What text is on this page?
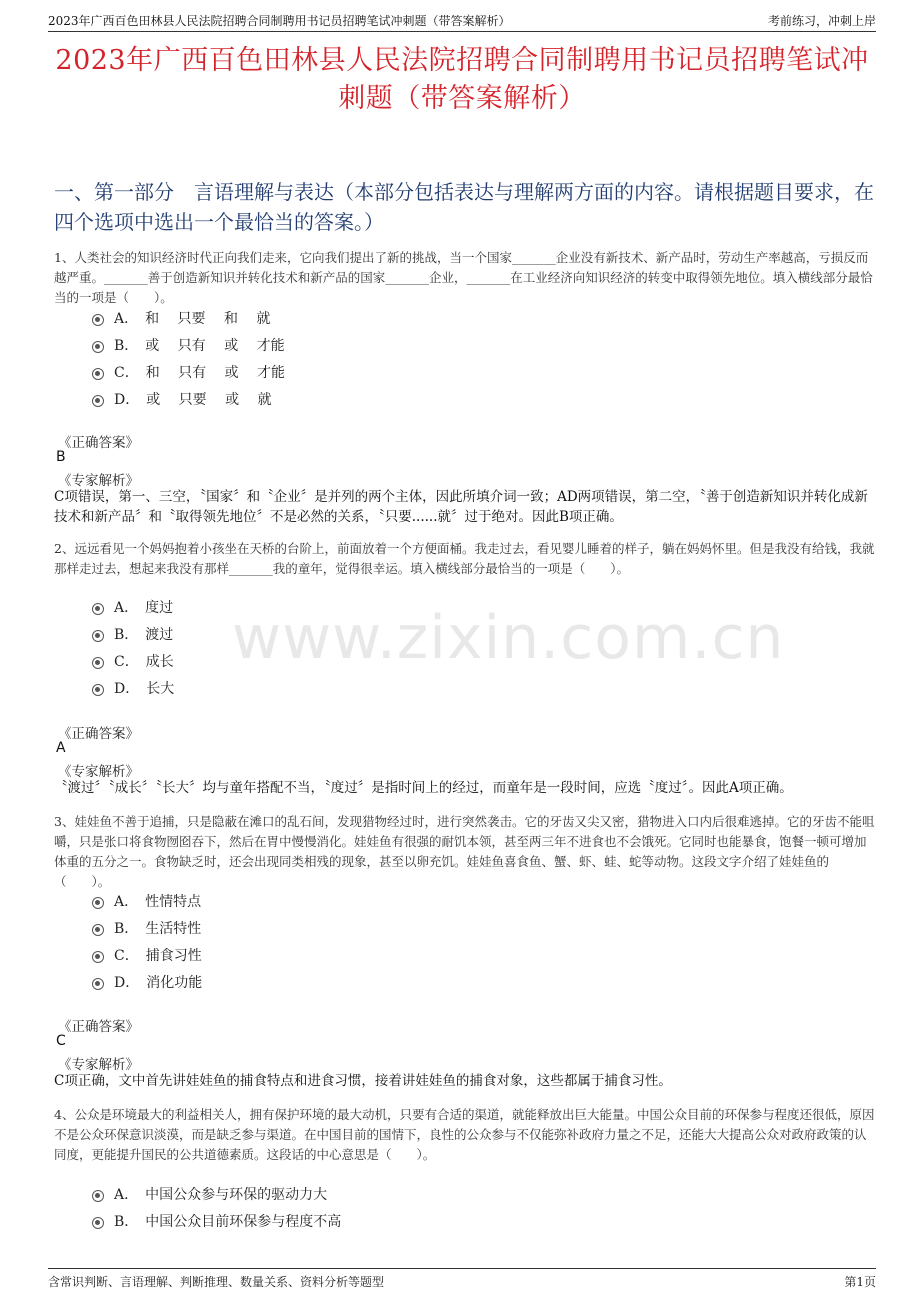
2023年广西百色田林县人民法院招聘合同制聘用书记员招聘笔试冲刺题（带答案解析）	考前练习，冲刺上岸
2023年广西百色田林县人民法院招聘合同制聘用书记员招聘笔试冲刺题（带答案解析）
一、第一部分　言语理解与表达（本部分包括表达与理解两方面的内容。请根据题目要求，在四个选项中选出一个最恰当的答案。）
www.zixin.com.cn
1、人类社会的知识经济时代正向我们走来，它向我们提出了新的挑战，当一个国家_______企业没有新技术、新产品时，劳动生产率越高，亏损反而越严重。_______善于创造新知识并转化技术和新产品的国家_______企业，_______在工业经济向知识经济的转变中取得领先地位。填入横线部分最恰当的一项是（　　）。
A．　和　 只要　 和　 就
B．　或　 只有　 或　 才能
C．　和　 只有　 或　 才能
D．　或　 只要　 或　 就
《正确答案》
B
《专家解析》
C项错误，第一、三空，〝国家〞和〝企业〞是并列的两个主体，因此所填介词一致；AD两项错误，第二空，〝善于创造新知识并转化成新技术和新产品〞和〝取得领先地位〞不是必然的关系，〝只要......就〞过于绝对。因此B项正确。
2、远远看见一个妈妈抱着小孩坐在天桥的台阶上，前面放着一个方便面桶。我走过去，看见婴儿睡着的样子，躺在妈妈怀里。但是我没有给钱，我就那样走过去，想起来我没有那样_______我的童年，觉得很幸运。填入横线部分最恰当的一项是（　　）。
A．　度过
B．　渡过
C．　成长
D．　长大
《正确答案》
A
《专家解析》
〝渡过〞〝成长〞〝长大〞均与童年搭配不当，〝度过〞是指时间上的经过，而童年是一段时间，应选〝度过〞。因此A项正确。
3、娃娃鱼不善于追捕，只是隐蔽在滩口的乱石间，发现猎物经过时，进行突然袭击。它的牙齿又尖又密，猎物进入口内后很难逃掉。它的牙齿不能咀嚼，只是张口将食物囫囵吞下，然后在胃中慢慢消化。娃娃鱼有很强的耐饥本领，甚至两三年不进食也不会饿死。它同时也能暴食，饱餐一顿可增加体重的五分之一。食物缺乏时，还会出现同类相残的现象，甚至以卵充饥。娃娃鱼喜食鱼、蟹、虾、蛙、蛇等动物。这段文字介绍了娃娃鱼的（　　）。
A．　性情特点
B．　生活特性
C．　捕食习性
D．　消化功能
《正确答案》
C
《专家解析》
C项正确，文中首先讲娃娃鱼的捕食特点和进食习惯，接着讲娃娃鱼的捕食对象，这些都属于捕食习性。
4、公众是环境最大的利益相关人，拥有保护环境的最大动机，只要有合适的渠道，就能释放出巨大能量。中国公众目前的环保参与程度还很低，原因不是公众环保意识淡漠，而是缺乏参与渠道。在中国目前的国情下，良性的公众参与不仅能弥补政府力量之不足，还能大大提高公众对政府政策的认同度，更能提升国民的公共道德素质。这段话的中心意思是（　　）。
A．　中国公众参与环保的驱动力大
B．　中国公众目前环保参与程度不高
含常识判断、言语理解、判断推理、数量关系、资料分析等题型	第1页
